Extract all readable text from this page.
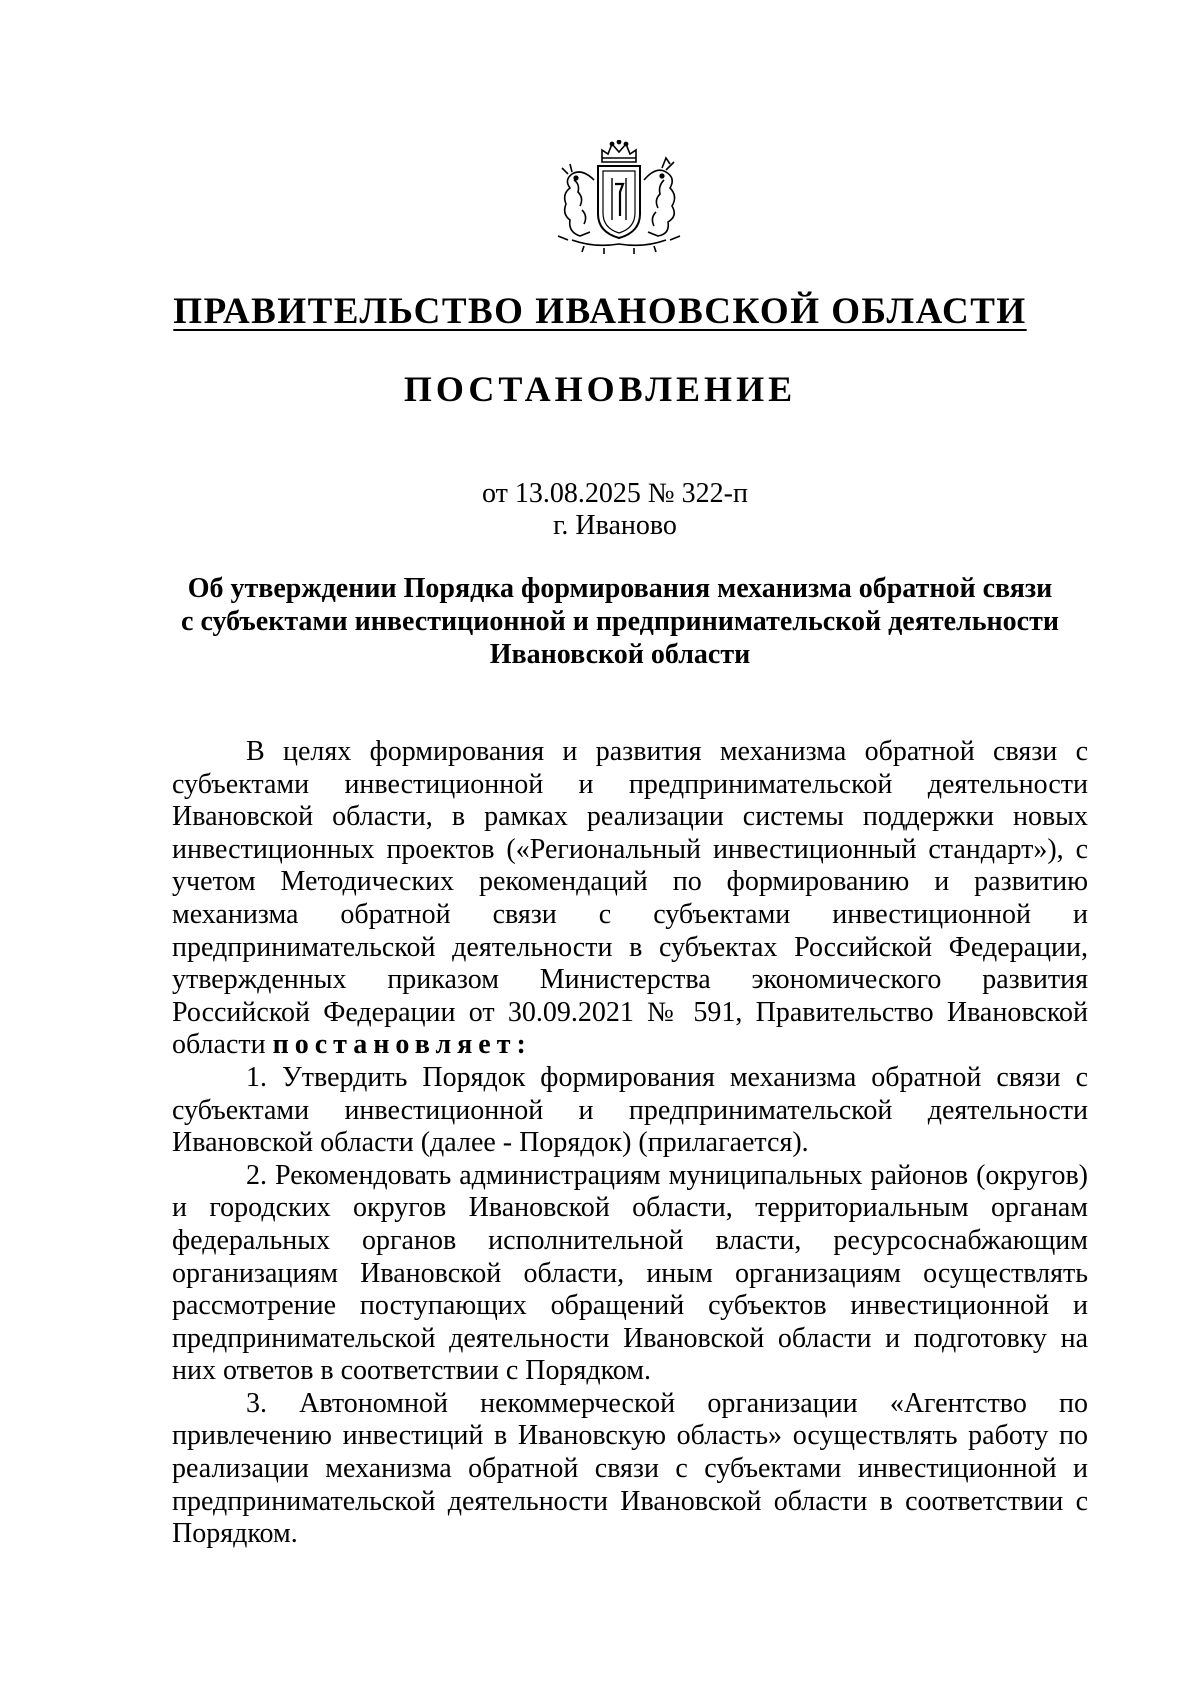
ПРАВИТЕЛЬСТВО ИВАНОВСКОЙ ОБЛАСТИ
ПОСТАНОВЛЕНИЕ
от 13.08.2025 № 322-п
г. Иваново
Об утверждении Порядка формирования механизма обратной связи
с субъектами инвестиционной и предпринимательской деятельности
Ивановской области

В целях формирования и развития механизма обратной связи с субъектами инвестиционной и предпринимательской деятельности Ивановской области, в рамках реализации системы поддержки новых инвестиционных проектов («Региональный инвестиционный стандарт»), с учетом Методических рекомендаций по формированию и развитию механизма обратной связи с субъектами инвестиционной и предпринимательской деятельности в субъектах Российской Федерации, утвержденных приказом Министерства экономического развития Российской Федерации от 30.09.2021 № 591, Правительство Ивановской области постановляет:

1. Утвердить Порядок формирования механизма обратной связи с субъектами инвестиционной и предпринимательской деятельности Ивановской области (далее - Порядок) (прилагается).

2. Рекомендовать администрациям муниципальных районов (округов) и городских округов Ивановской области, территориальным органам федеральных органов исполнительной власти, ресурсоснабжающим организациям Ивановской области, иным организациям осуществлять рассмотрение поступающих обращений субъектов инвестиционной и предпринимательской деятельности Ивановской области и подготовку на них ответов в соответствии с Порядком.

3. Автономной некоммерческой организации «Агентство по привлечению инвестиций в Ивановскую область» осуществлять работу по реализации механизма обратной связи с субъектами инвестиционной и предпринимательской деятельности Ивановской области в соответствии с Порядком.
